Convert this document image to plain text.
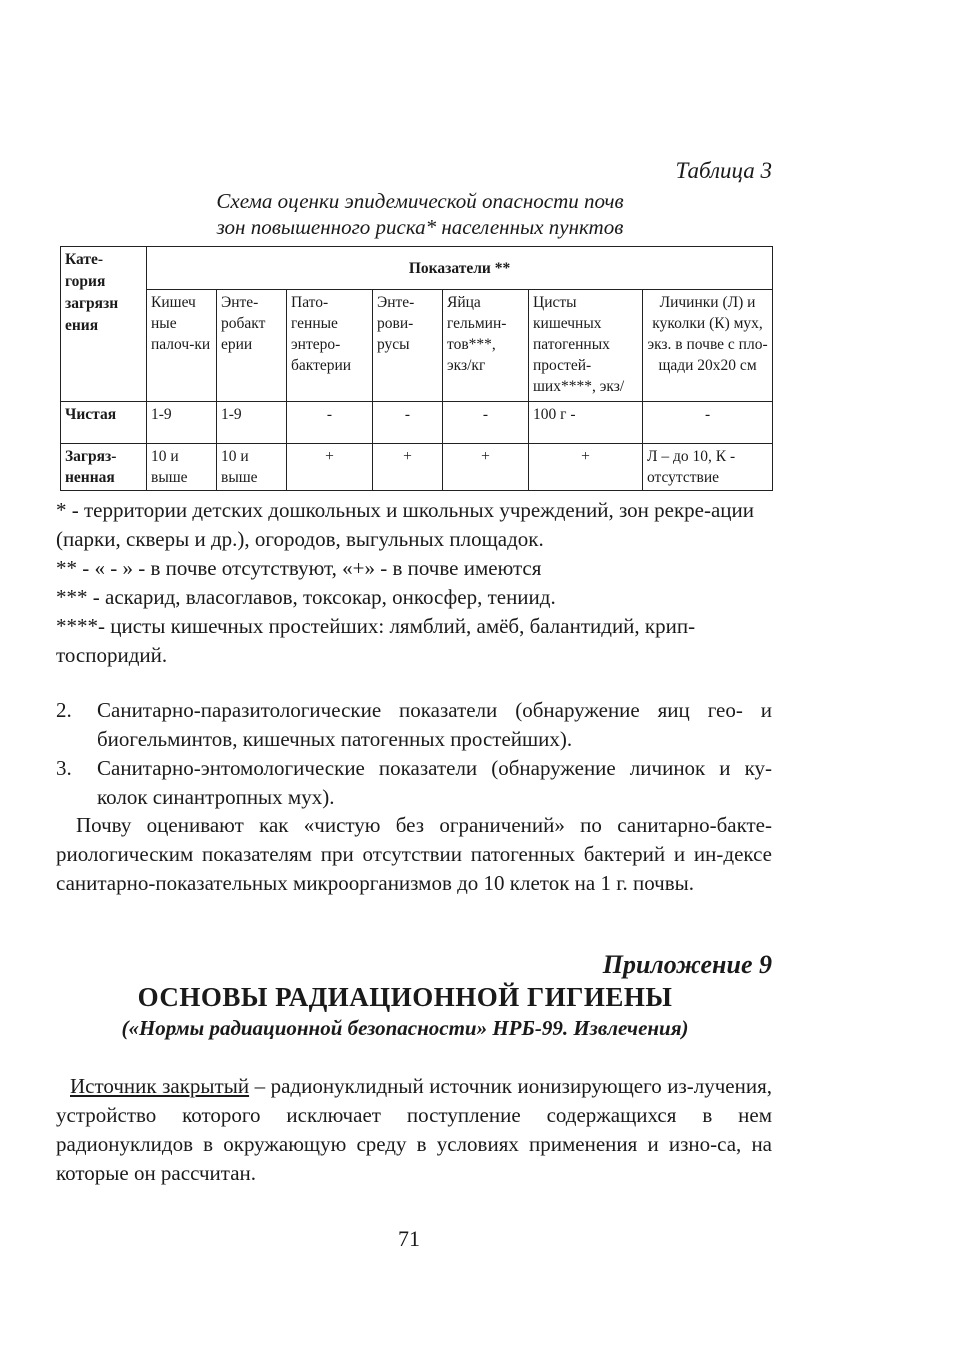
Таблица 3
Схема оценки эпидемической опасности почв
зон повышенного риска* населенных пунктов
Кате-гория загрязн ения	Показатели **						
	Кишеч ные палоч-ки	Энте-робакт ерии	Пато-генные энтеро-бактерии	Энте-рови-русы	Яйца гельмин-тов***, экз/кг	Цисты кишечных патогенных простей-ших****, экз/	Личинки (Л) и куколки (К) мух, экз. в почве с пло-щади 20х20 см
Чистая	1-9	1-9	-	-	-	100 г -	-
Загряз-ненная	10 и выше	10 и выше	+	+	+	+	Л – до 10, К - отсутствие
* - территории детских дошкольных и школьных учреждений, зон рекре-ации (парки, скверы и др.), огородов, выгульных площадок.
** - « - » - в почве отсутствуют, «+» - в почве имеются
*** - аскарид, власоглавов, токсокар, онкосфер, тениид.
****- цисты кишечных простейших: лямблий, амёб, балантидий, крип-тоспоридий.
2.	Санитарно-паразитологические показатели (обнаружение яиц гео- и биогельминтов, кишечных патогенных простейших).
3.	Санитарно-энтомологические показатели (обнаружение личинок и ку-колок синантропных мух).
Почву оценивают как «чистую без ограничений» по санитарно-бакте-риологическим показателям при отсутствии патогенных бактерий и ин-дексе санитарно-показательных микроорганизмов до 10 клеток на 1 г. почвы.
Приложение 9
ОСНОВЫ РАДИАЦИОННОЙ ГИГИЕНЫ
(«Нормы радиационной безопасности» НРБ-99. Извлечения)
Источник закрытый – радионуклидный источник ионизирующего из-лучения, устройство которого исключает поступление содержащихся в нем радионуклидов в окружающую среду в условиях применения и изно-са, на которые он рассчитан.
71
